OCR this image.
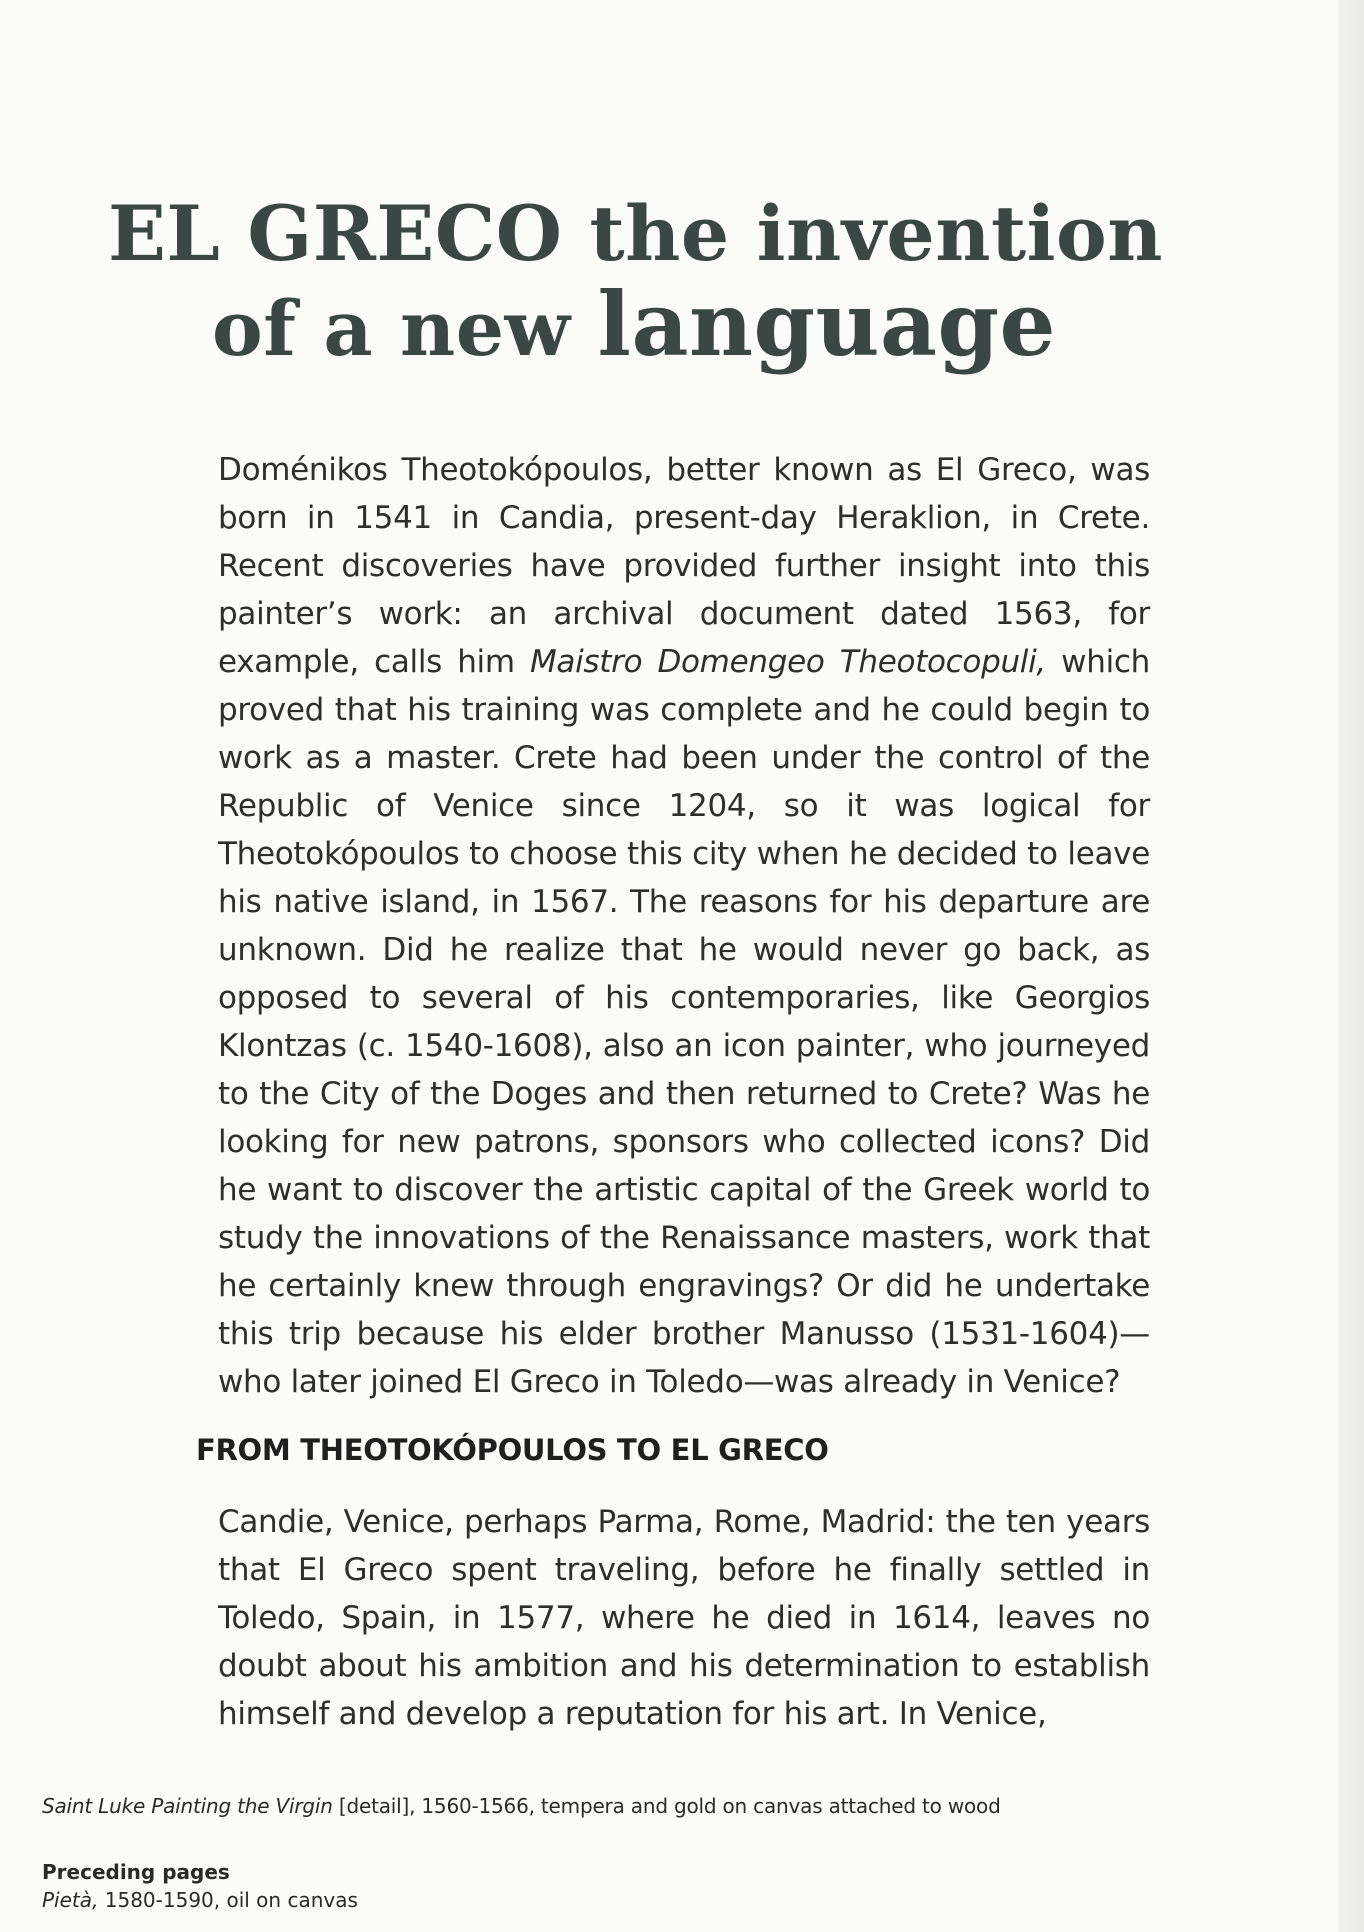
EL GRECO the invention
of a new language

Doménikos Theotokópoulos, better known as El Greco, was born in 1541 in Candia, present-day Heraklion, in Crete. Recent discoveries have provided further insight into this painter’s work: an archival document dated 1563, for example, calls him Maistro Domengeo Theotocopuli, which proved that his training was complete and he could begin to work as a master. Crete had been under the control of the Republic of Venice since 1204, so it was logical for Theotokópoulos to choose this city when he decided to leave his native island, in 1567. The reasons for his departure are unknown. Did he realize that he would never go back, as opposed to several of his contemporaries, like Georgios Klontzas (c. 1540-1608), also an icon painter, who journeyed to the City of the Doges and then returned to Crete? Was he looking for new patrons, sponsors who collected icons? Did he want to discover the artistic capital of the Greek world to study the innovations of the Renaissance masters, work that he certainly knew through engravings? Or did he undertake this trip because his elder brother Manusso (1531-1604)—who later joined El Greco in Toledo—was already in Venice?

FROM THEOTOKÓPOULOS TO EL GRECO

Candie, Venice, perhaps Parma, Rome, Madrid: the ten years that El Greco spent traveling, before he finally settled in Toledo, Spain, in 1577, where he died in 1614, leaves no doubt about his ambition and his determination to establish himself and develop a reputation for his art. In Venice,

Saint Luke Painting the Virgin [detail], 1560-1566, tempera and gold on canvas attached to wood

Preceding pages
Pietà, 1580-1590, oil on canvas
